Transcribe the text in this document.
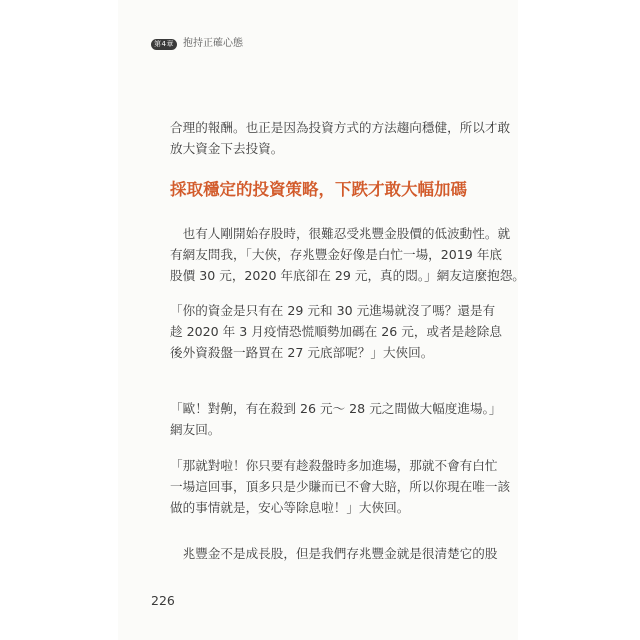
第4章 抱持正確心態

合理的報酬。也正是因為投資方式的方法趨向穩健，所以才敢
放大資金下去投資。

採取穩定的投資策略，下跌才敢大幅加碼

　也有人剛開始存股時，很難忍受兆豐金股價的低波動性。就
有網友問我，「大俠，存兆豐金好像是白忙一場，2019 年底
股價 30 元，2020 年底卻在 29 元，真的悶。」網友這麼抱怨。

「你的資金是只有在 29 元和 30 元進場就沒了嗎？還是有
趁 2020 年 3 月疫情恐慌順勢加碼在 26 元，或者是趁除息
後外資殺盤一路買在 27 元底部呢？」大俠回。

「歐！對齁，有在殺到 26 元～ 28 元之間做大幅度進場。」
網友回。

「那就對啦！你只要有趁殺盤時多加進場，那就不會有白忙
一場這回事，頂多只是少賺而已不會大賠，所以你現在唯一該
做的事情就是，安心等除息啦！」大俠回。

　兆豐金不是成長股，但是我們存兆豐金就是很清楚它的股

226
